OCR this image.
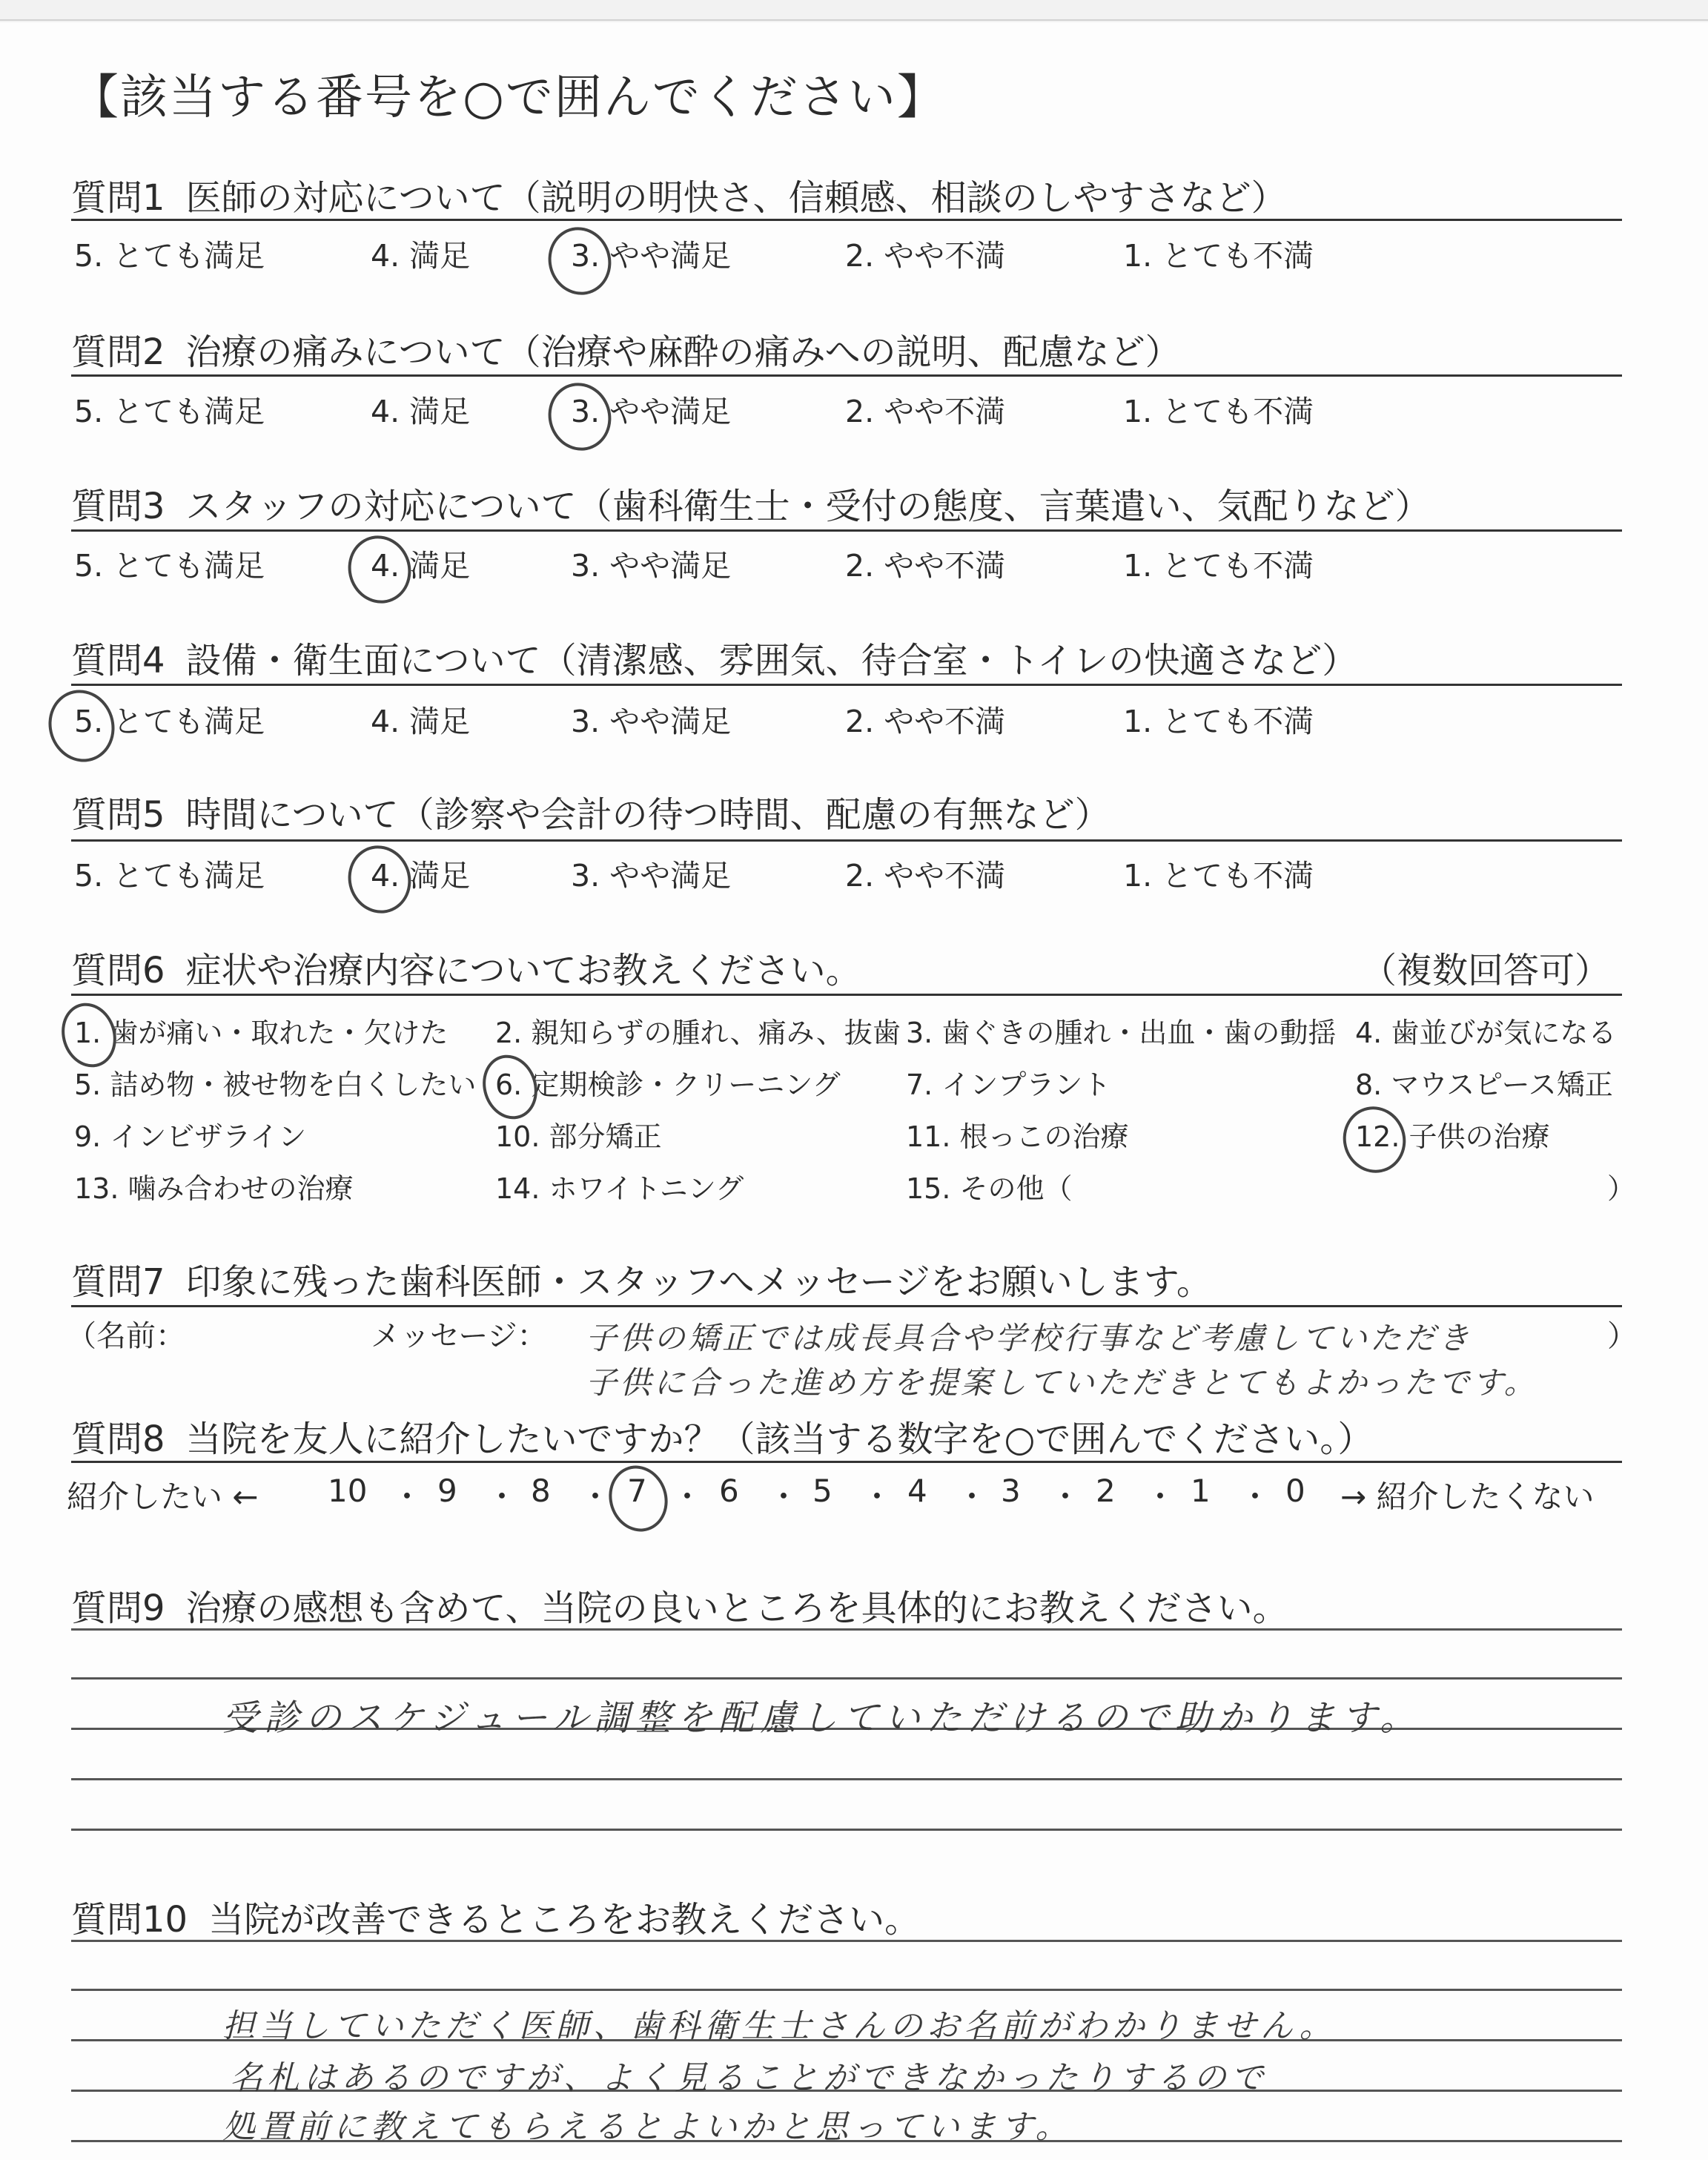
【該当する番号を○で囲んでください】
質問1 医師の対応について（説明の明快さ、信頼感、相談のしやすさなど）
5. とても満足	4. 満足	3. やや満足	2. やや不満	1. とても不満
質問2 治療の痛みについて（治療や麻酔の痛みへの説明、配慮など）
5. とても満足	4. 満足	3. やや満足	2. やや不満	1. とても不満
質問3 スタッフの対応について（歯科衛生士・受付の態度、言葉遣い、気配りなど）
5. とても満足	4. 満足	3. やや満足	2. やや不満	1. とても不満
質問4 設備・衛生面について（清潔感、雰囲気、待合室・トイレの快適さなど）
5. とても満足	4. 満足	3. やや満足	2. やや不満	1. とても不満
質問5 時間について（診察や会計の待つ時間、配慮の有無など）
5. とても満足	4. 満足	3. やや満足	2. やや不満	1. とても不満
質問6 症状や治療内容についてお教えください。	（複数回答可）
1. 歯が痛い・取れた・欠けた 2. 親知らずの腫れ、痛み、抜歯 3. 歯ぐきの腫れ・出血・歯の動揺 4. 歯並びが気になる
5. 詰め物・被せ物を白くしたい 6. 定期検診・クリーニング 7. インプラント	8. マウスピース矯正
9. インビザライン	10. 部分矯正	11. 根っこの治療	12. 子供の治療
13. 噛み合わせの治療	14. ホワイトニング	15. その他（	）
質問7 印象に残った歯科医師・スタッフへメッセージをお願いします。
（名前：	メッセージ：	）
子供の矯正では成長具合や学校行事など考慮していただき
子供に合った進め方を提案していただきとてもよかったです。
質問8 当院を友人に紹介したいですか？（該当する数字を○で囲んでください。）
紹介したい ←	→ 紹介したくない
10 ・ 9 ・ 8 ・ 7 ・ 6 ・ 5 ・ 4 ・ 3 ・ 2 ・ 1 ・ 0
質問9 治療の感想も含めて、当院の良いところを具体的にお教えください。
受診のスケジュール調整を配慮していただけるので助かります。
質問10 当院が改善できるところをお教えください。
担当していただく医師、歯科衛生士さんのお名前がわかりません。
名札はあるのですが、よく見ることができなかったりするので
処置前に教えてもらえるとよいかと思っています。
